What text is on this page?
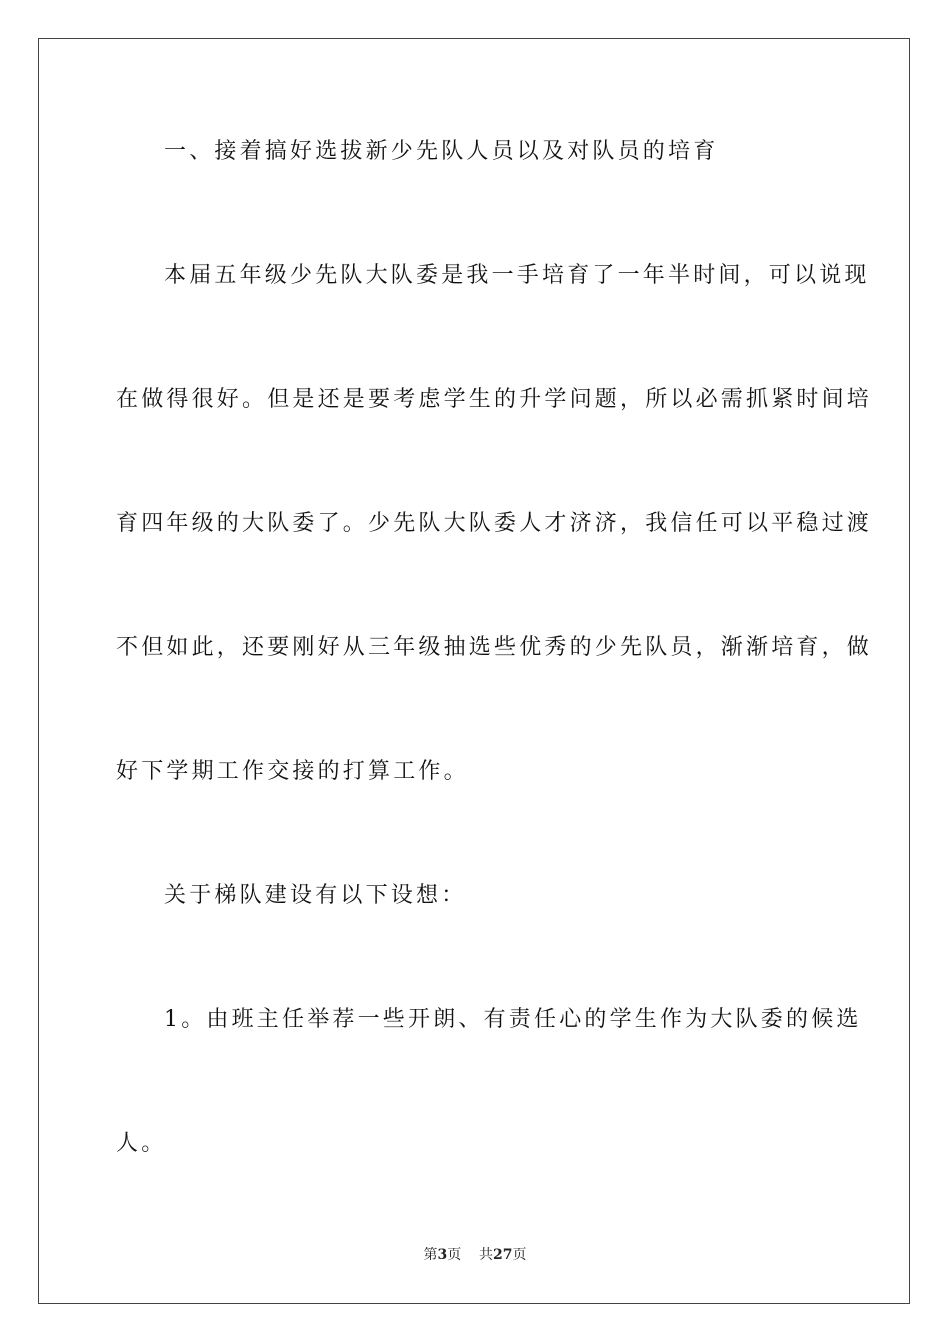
一、接着搞好选拔新少先队人员以及对队员的培育
本届五年级少先队大队委是我一手培育了一年半时间，可以说现
在做得很好。但是还是要考虑学生的升学问题，所以必需抓紧时间培
育四年级的大队委了。少先队大队委人才济济，我信任可以平稳过渡
不但如此，还要刚好从三年级抽选些优秀的少先队员，渐渐培育，做
好下学期工作交接的打算工作。
关于梯队建设有以下设想：
1。由班主任举荐一些开朗、有责任心的学生作为大队委的候选
人。
第3页 共27页
